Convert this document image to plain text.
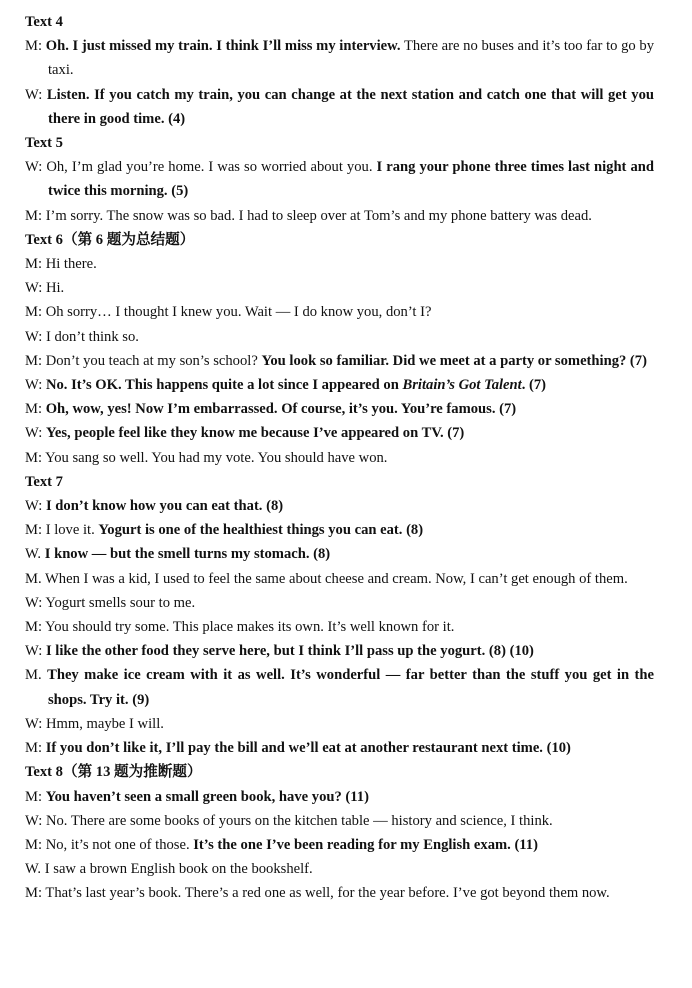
Text 4
M: Oh. I just missed my train. I think I’ll miss my interview. There are no buses and it’s too far to go by taxi.
W: Listen. If you catch my train, you can change at the next station and catch one that will get you there in good time. (4)
Text 5
W: Oh, I’m glad you’re home. I was so worried about you. I rang your phone three times last night and twice this morning. (5)
M: I’m sorry. The snow was so bad. I had to sleep over at Tom’s and my phone battery was dead.
Text 6（第 6 题为总结题）
M: Hi there.
W: Hi.
M: Oh sorry… I thought I knew you. Wait — I do know you, don’t I?
W: I don’t think so.
M: Don’t you teach at my son’s school? You look so familiar. Did we meet at a party or something? (7)
W: No. It’s OK. This happens quite a lot since I appeared on Britain’s Got Talent. (7)
M: Oh, wow, yes! Now I’m embarrassed. Of course, it’s you. You’re famous. (7)
W: Yes, people feel like they know me because I’ve appeared on TV. (7)
M: You sang so well. You had my vote. You should have won.
Text 7
W: I don’t know how you can eat that. (8)
M: I love it. Yogurt is one of the healthiest things you can eat. (8)
W. I know — but the smell turns my stomach. (8)
M. When I was a kid, I used to feel the same about cheese and cream. Now, I can’t get enough of them.
W: Yogurt smells sour to me.
M: You should try some. This place makes its own. It’s well known for it.
W: I like the other food they serve here, but I think I’ll pass up the yogurt. (8) (10)
M. They make ice cream with it as well. It’s wonderful — far better than the stuff you get in the shops. Try it. (9)
W: Hmm, maybe I will.
M: If you don’t like it, I’ll pay the bill and we’ll eat at another restaurant next time. (10)
Text 8（第 13 题为推断题）
M: You haven’t seen a small green book, have you? (11)
W: No. There are some books of yours on the kitchen table — history and science, I think.
M: No, it’s not one of those. It’s the one I’ve been reading for my English exam. (11)
W. I saw a brown English book on the bookshelf.
M: That’s last year’s book. There’s a red one as well, for the year before. I’ve got beyond them now.
